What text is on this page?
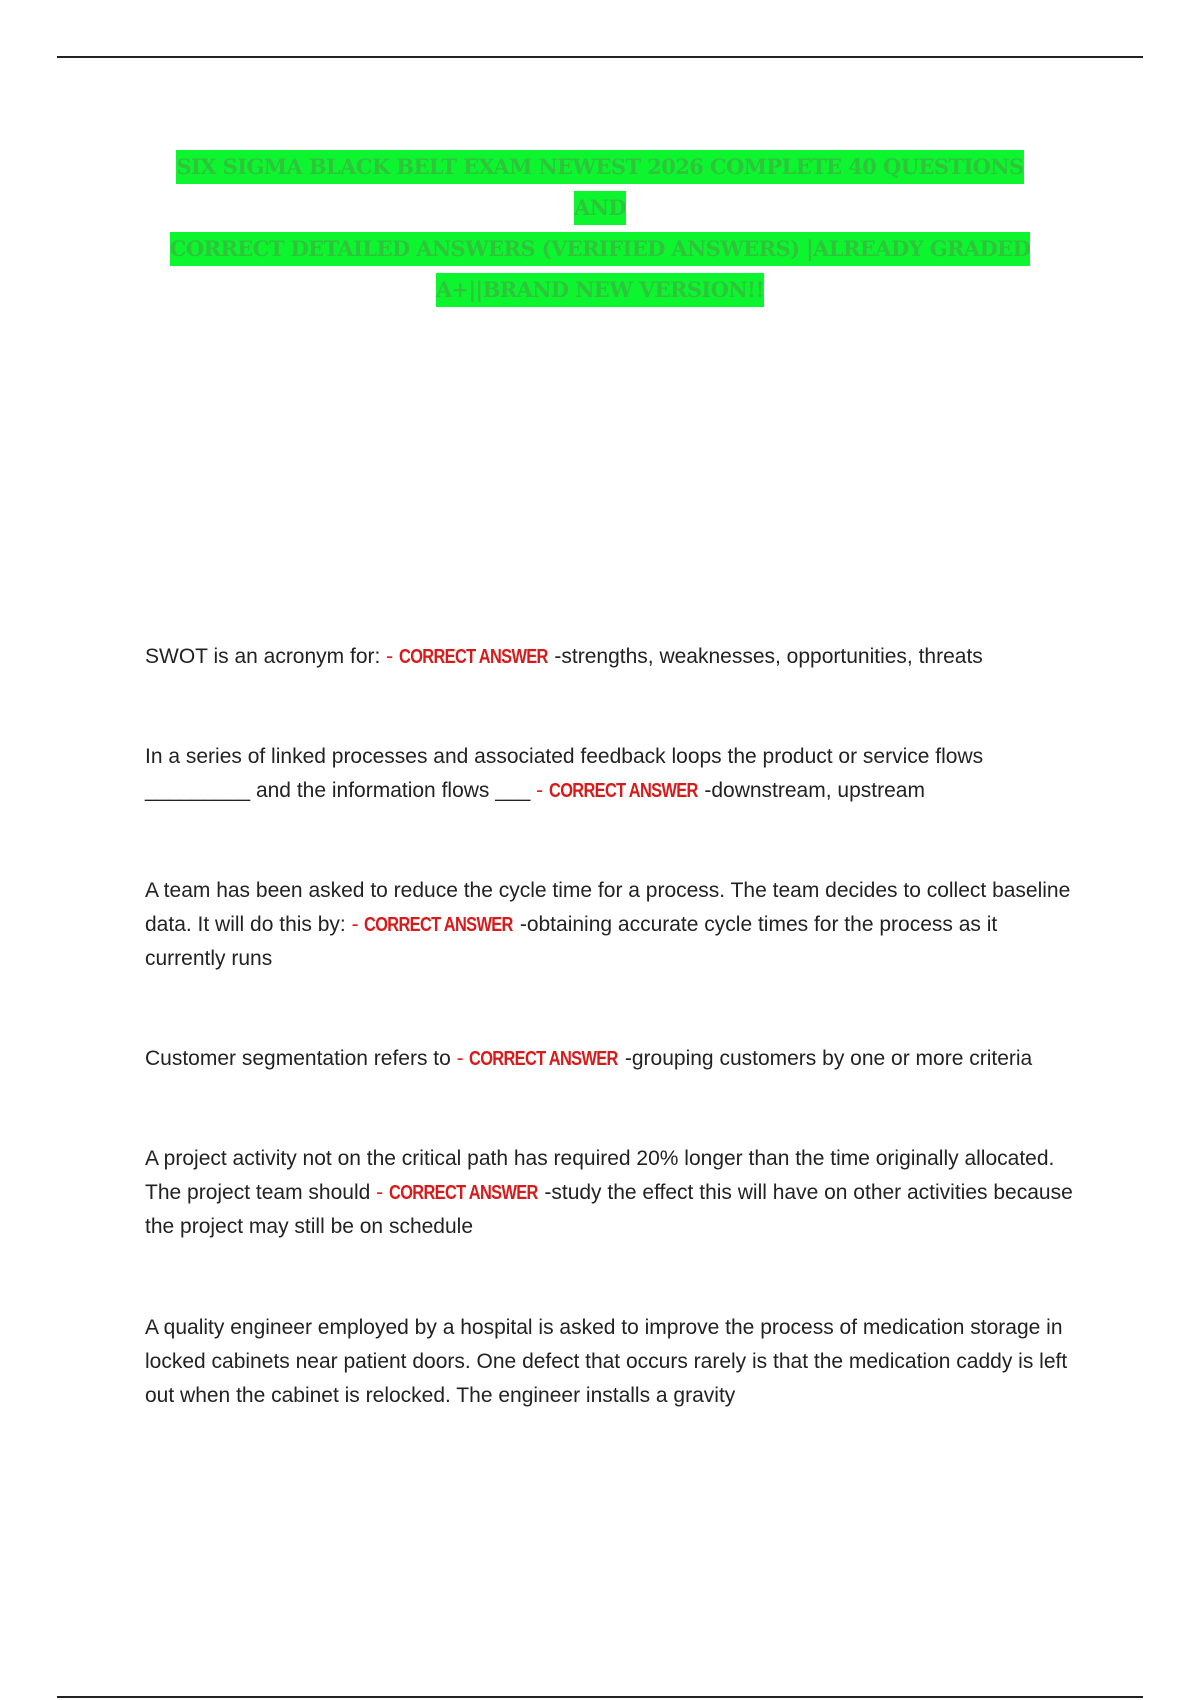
SIX SIGMA BLACK BELT EXAM NEWEST 2026 COMPLETE 40 QUESTIONS AND
CORRECT DETAILED ANSWERS (VERIFIED ANSWERS) |ALREADY GRADED
A+||BRAND NEW VERSION!!

SWOT is an acronym for: - CORRECT ANSWER -strengths, weaknesses, opportunities, threats

In a series of linked processes and associated feedback loops the product or service flows _________ and the information flows ___ - CORRECT ANSWER -downstream, upstream

A team has been asked to reduce the cycle time for a process. The team decides to collect baseline data. It will do this by: - CORRECT ANSWER -obtaining accurate cycle times for the process as it currently runs

Customer segmentation refers to - CORRECT ANSWER -grouping customers by one or more criteria

A project activity not on the critical path has required 20% longer than the time originally allocated. The project team should - CORRECT ANSWER -study the effect this will have on other activities because the project may still be on schedule

A quality engineer employed by a hospital is asked to improve the process of medication storage in locked cabinets near patient doors. One defect that occurs rarely is that the medication caddy is left out when the cabinet is relocked. The engineer installs a gravity
